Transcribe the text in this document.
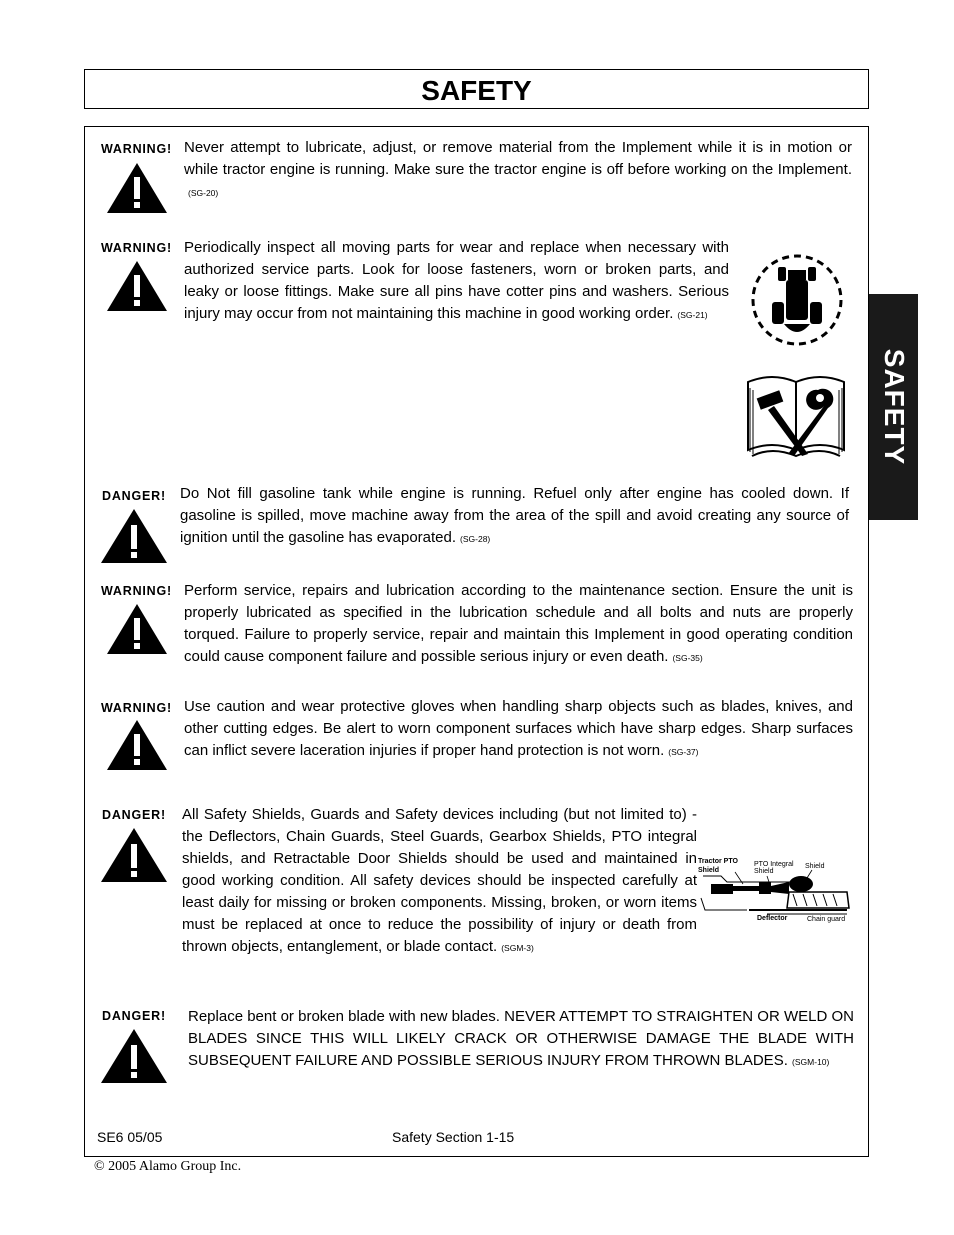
SAFETY
SAFETY
WARNING! Never attempt to lubricate, adjust, or remove material from the Implement while it is in motion or while tractor engine is running. Make sure the tractor engine is off before working on the Implement.(SG-20)
WARNING! Periodically inspect all moving parts for wear and replace when necessary with authorized service parts. Look for loose fasteners, worn or broken parts, and leaky or loose fittings. Make sure all pins have cotter pins and washers. Serious injury may occur from not maintaining this machine in good working order. (SG-21)
DANGER! Do Not fill gasoline tank while engine is running. Refuel only after engine has cooled down. If gasoline is spilled, move machine away from the area of the spill and avoid creating any source of ignition until the gasoline has evaporated. (SG-28)
WARNING! Perform service, repairs and lubrication according to the maintenance section. Ensure the unit is properly lubricated as specified in the lubrication schedule and all bolts and nuts are properly torqued. Failure to properly service, repair and maintain this Implement in good operating condition could cause component failure and possible serious injury or even death. (SG-35)
WARNING! Use caution and wear protective gloves when handling sharp objects such as blades, knives, and other cutting edges. Be alert to worn component surfaces which have sharp edges. Sharp surfaces can inflict severe laceration injuries if proper hand protection is not worn. (SG-37)
DANGER! All Safety Shields, Guards and Safety devices including (but not limited to) - the Deflectors, Chain Guards, Steel Guards, Gearbox Shields, PTO integral shields, and Retractable Door Shields should be used and maintained in good working condition. All safety devices should be inspected carefully at least daily for missing or broken components. Missing, broken, or worn items must be replaced at once to reduce the possibility of injury or death from thrown objects, entanglement, or blade contact. (SGM-3)
Tractor PTO
Shield
PTO Integral
Shield
Shield
Deflector	Chain guard
DANGER! Replace bent or broken blade with new blades. NEVER ATTEMPT TO STRAIGHTEN OR WELD ON BLADES SINCE THIS WILL LIKELY CRACK OR OTHERWISE DAMAGE THE BLADE WITH SUBSEQUENT FAILURE AND POSSIBLE SERIOUS INJURY FROM THROWN BLADES. (SGM-10)
SE6 05/05	Safety Section 1-15
© 2005 Alamo Group Inc.
